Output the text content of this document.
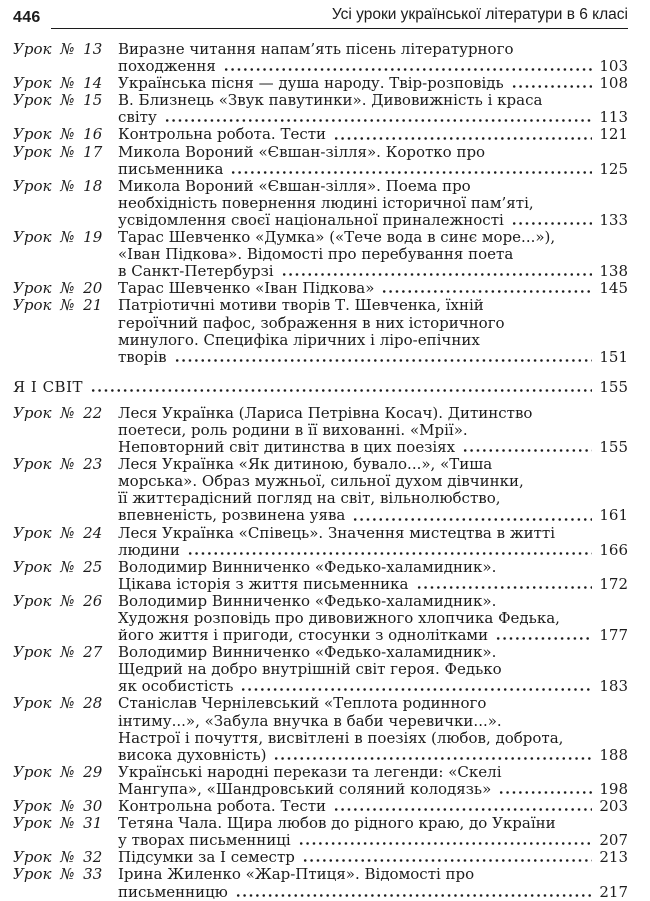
446	Усі уроки української літератури в 6 класі
Урок № 13	Виразне читання напам’ять пісень літературного
походження	103
Урок № 14	Українська пісня — душа народу. Твір-розповідь	108
Урок № 15	В. Близнець «Звук павутинки». Дивовижність і краса
світу	113
Урок № 16	Контрольна робота. Тести	121
Урок № 17	Микола Вороний «Євшан-зілля». Коротко про
письменника	125
Урок № 18	Микола Вороний «Євшан-зілля». Поема про
необхідність повернення людині історичної пам’яті,
усвідомлення своєї національної приналежності	133
Урок № 19	Тарас Шевченко «Думка» («Тече вода в синє море...»),
«Іван Підкова». Відомості про перебування поета
в Санкт-Петербурзі	138
Урок № 20	Тарас Шевченко «Іван Підкова»	145
Урок № 21	Патріотичні мотиви творів Т. Шевченка, їхній
героїчний пафос, зображення в них історичного
минулого. Специфіка ліричних і ліро-епічних
творів	151
Я І СВІТ	155
Урок № 22	Леся Українка (Лариса Петрівна Косач). Дитинство
поетеси, роль родини в її вихованні. «Мрії».
Неповторний світ дитинства в цих поезіях	155
Урок № 23	Леся Українка «Як дитиною, бувало...», «Тиша
морська». Образ мужньої, сильної духом дівчинки,
її життєрадісний погляд на світ, вільнолюбство,
впевненість, розвинена уява	161
Урок № 24	Леся Українка «Співець». Значення мистецтва в житті
людини	166
Урок № 25	Володимир Винниченко «Федько-халамидник».
Цікава історія з життя письменника	172
Урок № 26	Володимир Винниченко «Федько-халамидник».
Художня розповідь про дивовижного хлопчика Федька,
його життя і пригоди, стосунки з однолітками	177
Урок № 27	Володимир Винниченко «Федько-халамидник».
Щедрий на добро внутрішній світ героя. Федько
як особистість	183
Урок № 28	Станіслав Чернілевський «Теплота родинного
інтиму...», «Забула внучка в баби черевички...».
Настрої і почуття, висвітлені в поезіях (любов, доброта,
висока духовність)	188
Урок № 29	Українські народні перекази та легенди: «Скелі
Мангупа», «Шандровський соляний колодязь»	198
Урок № 30	Контрольна робота. Тести	203
Урок № 31	Тетяна Чала. Щира любов до рідного краю, до України
у творах письменниці	207
Урок № 32	Підсумки за І семестр	213
Урок № 33	Ірина Жиленко «Жар-Птиця». Відомості про
письменницю	217
